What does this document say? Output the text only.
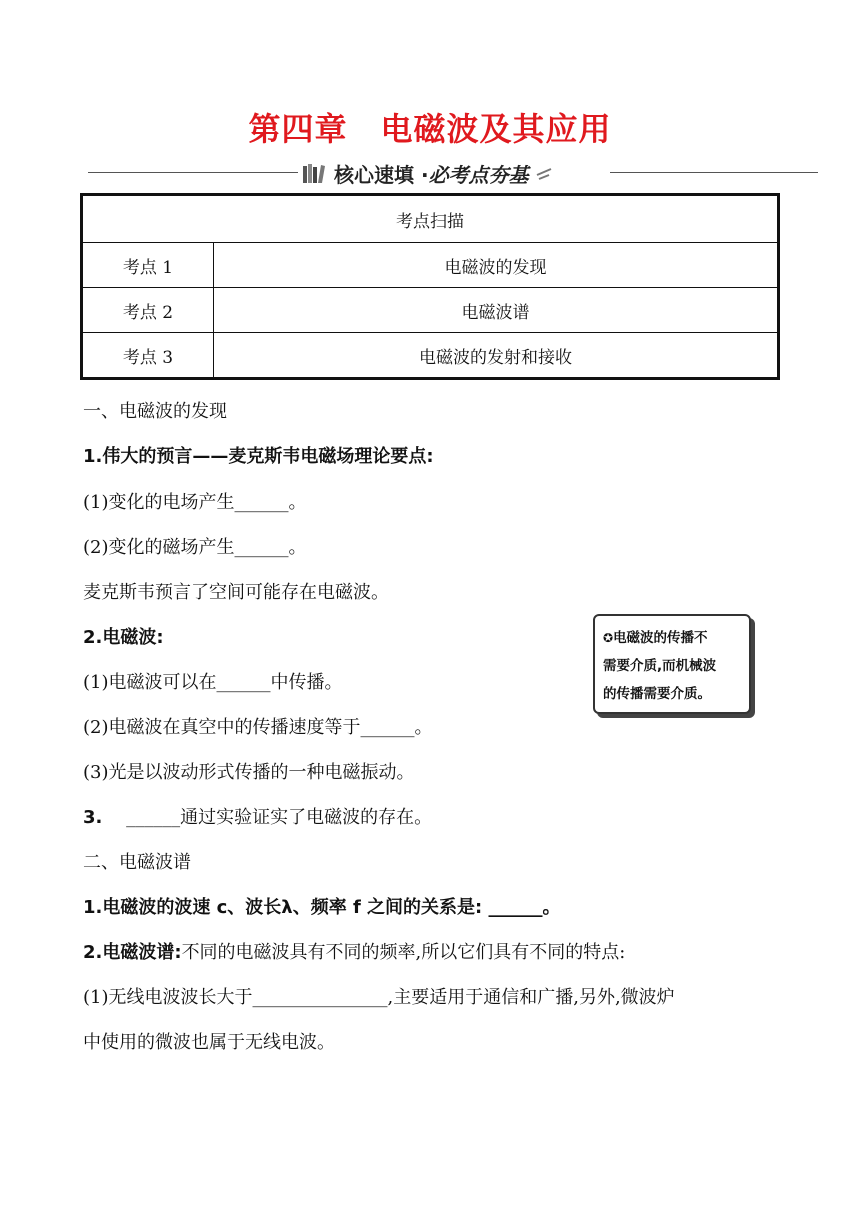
第四章　电磁波及其应用
核心速填 · 必考点夯基
考点扫描	
考点 1	电磁波的发现
考点 2	电磁波谱
考点 3	电磁波的发射和接收
一、电磁波的发现
1.伟大的预言——麦克斯韦电磁场理论要点:
(1)变化的电场产生______。
(2)变化的磁场产生______。
麦克斯韦预言了空间可能存在电磁波。
2.电磁波:
(1)电磁波可以在______中传播。
(2)电磁波在真空中的传播速度等于______。
(3)光是以波动形式传播的一种电磁振动。
3. ______通过实验证实了电磁波的存在。
✪电磁波的传播不
需要介质,而机械波
的传播需要介质。
二、电磁波谱
1.电磁波的波速 c、波长λ、频率 f 之间的关系是: ______。
2.电磁波谱:不同的电磁波具有不同的频率,所以它们具有不同的特点:
(1)无线电波波长大于_______________,主要适用于通信和广播,另外,微波炉
中使用的微波也属于无线电波。
